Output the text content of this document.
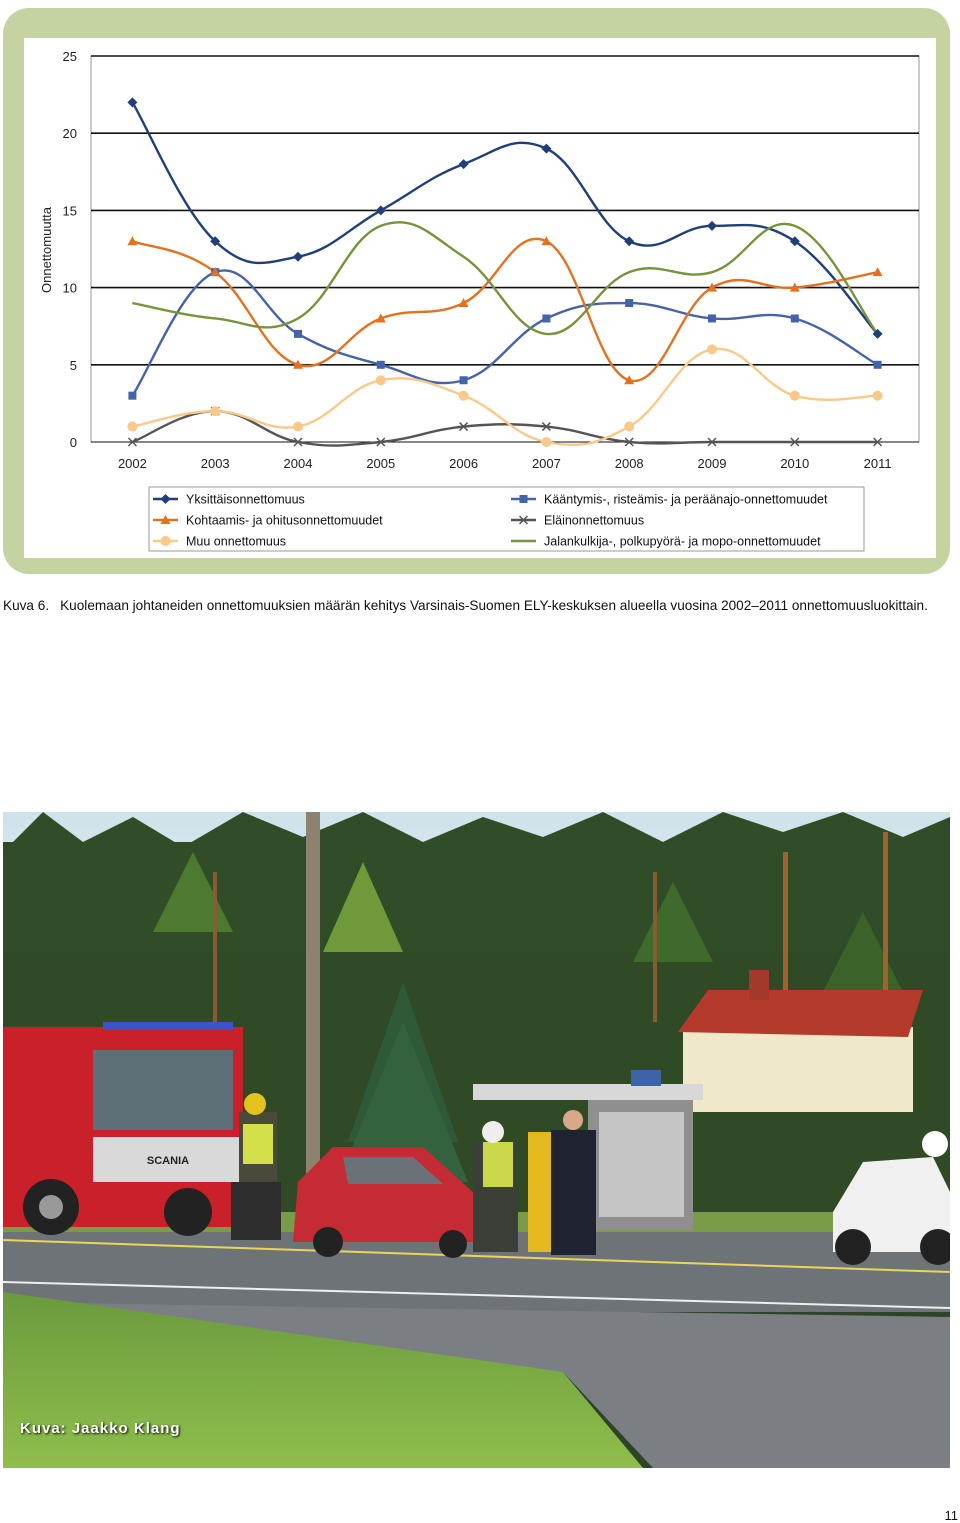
0
5
10
15
20
25
2002	2003	2004	2005	2006	2007	2008	2009	2010	2011
Onnettomuutta
Yksittäisonnettomuus	Kääntymis-, risteämis- ja peräänajo-onnettomuudet
Kohtaamis- ja ohitusonnettomuudet	Eläinonnettomuus
Muu onnettomuus	Jalankulkija-, polkupyörä- ja mopo-onnettomuudet

Kuva 6. Kuolemaan johtaneiden onnettomuuksien määrän kehitys Varsinais-Suomen ELY-keskuksen alueella vuosina 2002–2011 onnettomuusluokittain.

SCANIA
Kuva: Jaakko Klang
11
